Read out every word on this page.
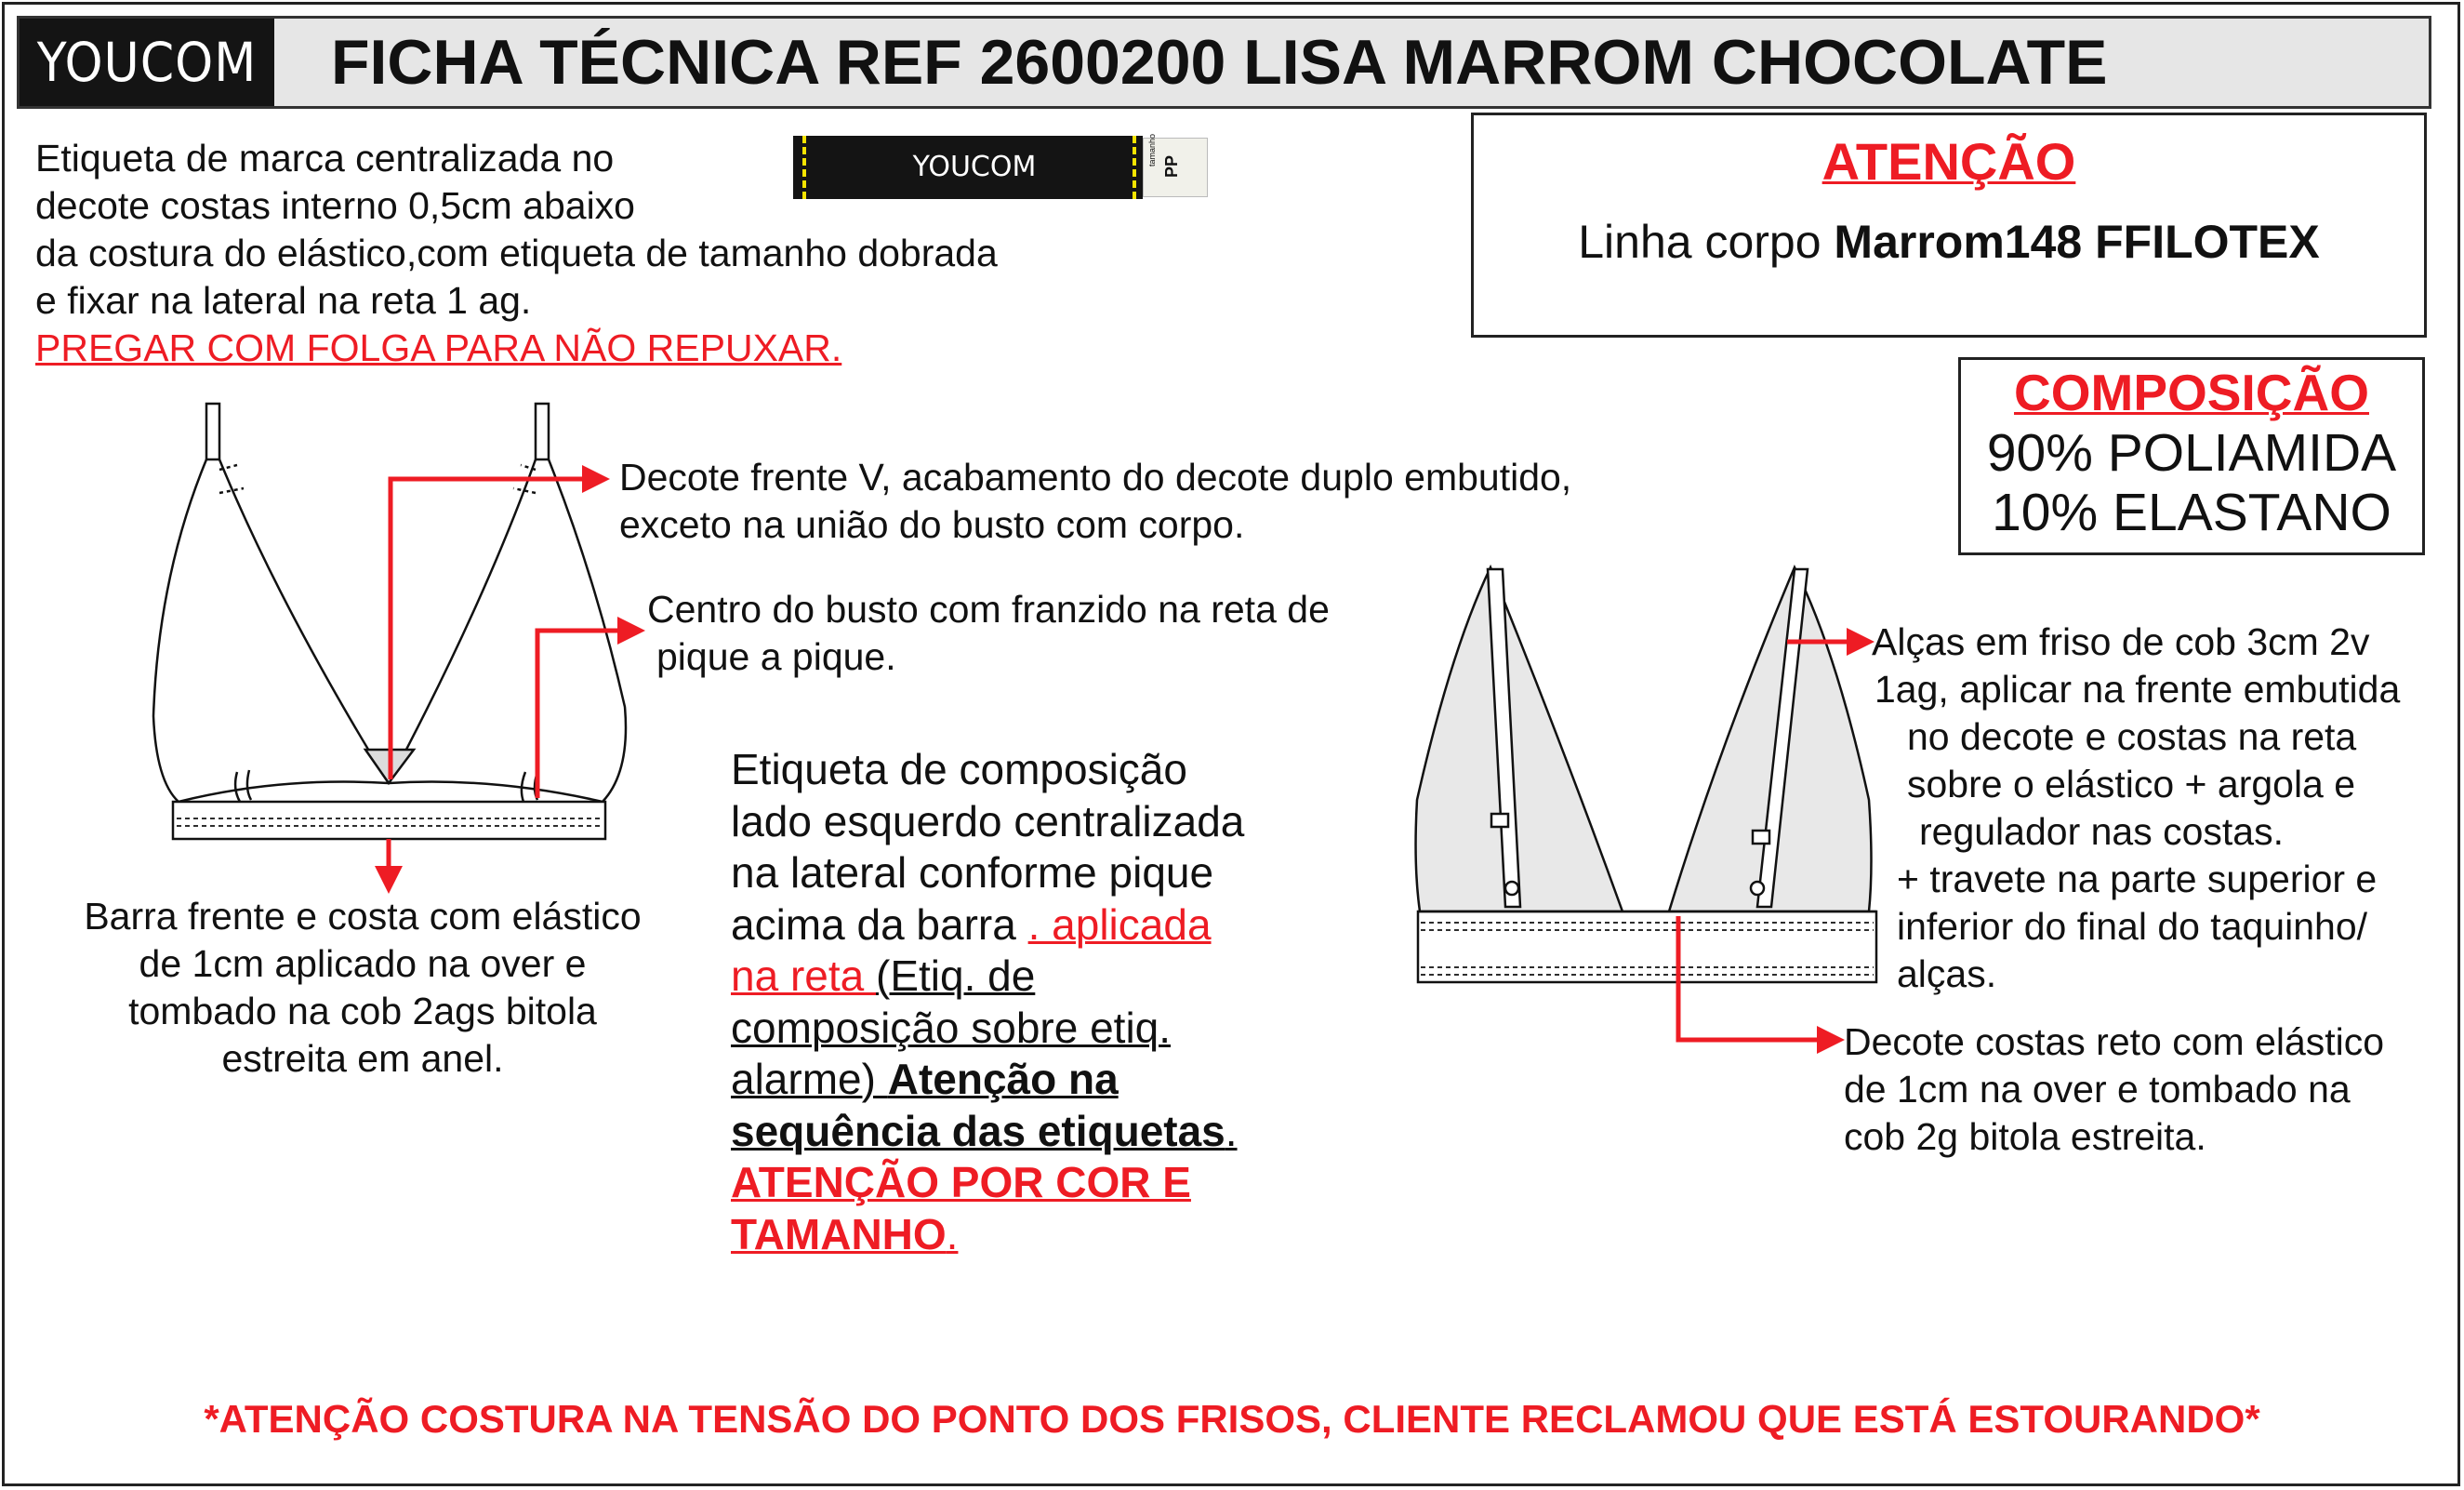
YOUCOM FICHA TÉCNICA REF 2600200 LISA MARROM CHOCOLATE
Etiqueta de marca centralizada no
decote costas interno 0,5cm abaixo
da costura do elástico,com etiqueta de tamanho dobrada
e fixar na lateral na reta 1 ag.
PREGAR COM FOLGA PARA NÃO REPUXAR.
YOUCOM
tamanho PP	ATENÇÃO
Linha corpo Marrom148 FFILOTEX
COMPOSIÇÃO
90% POLIAMIDA
10% ELASTANO
Decote frente V, acabamento do decote duplo embutido,
exceto na união do busto com corpo.
Centro do busto com franzido na reta de
pique a pique.
Barra frente e costa com elástico
de 1cm aplicado na over e
tombado na cob 2ags bitola
estreita em anel.
Etiqueta de composição
lado esquerdo centralizada
na lateral conforme pique
acima da barra . aplicada
na reta (Etiq. de
composição sobre etiq.
alarme) Atenção na
sequência das etiquetas.
ATENÇÃO POR COR E
TAMANHO.
Alças em friso de cob 3cm 2v
1ag, aplicar na frente embutida
no decote e costas na reta
sobre o elástico + argola e
regulador nas costas.
+ travete na parte superior e
inferior do final do taquinho/
alças.
Decote costas reto com elástico
de 1cm na over e tombado na
cob 2g bitola estreita.
*ATENÇÃO COSTURA NA TENSÃO DO PONTO DOS FRISOS, CLIENTE RECLAMOU QUE ESTÁ ESTOURANDO*
